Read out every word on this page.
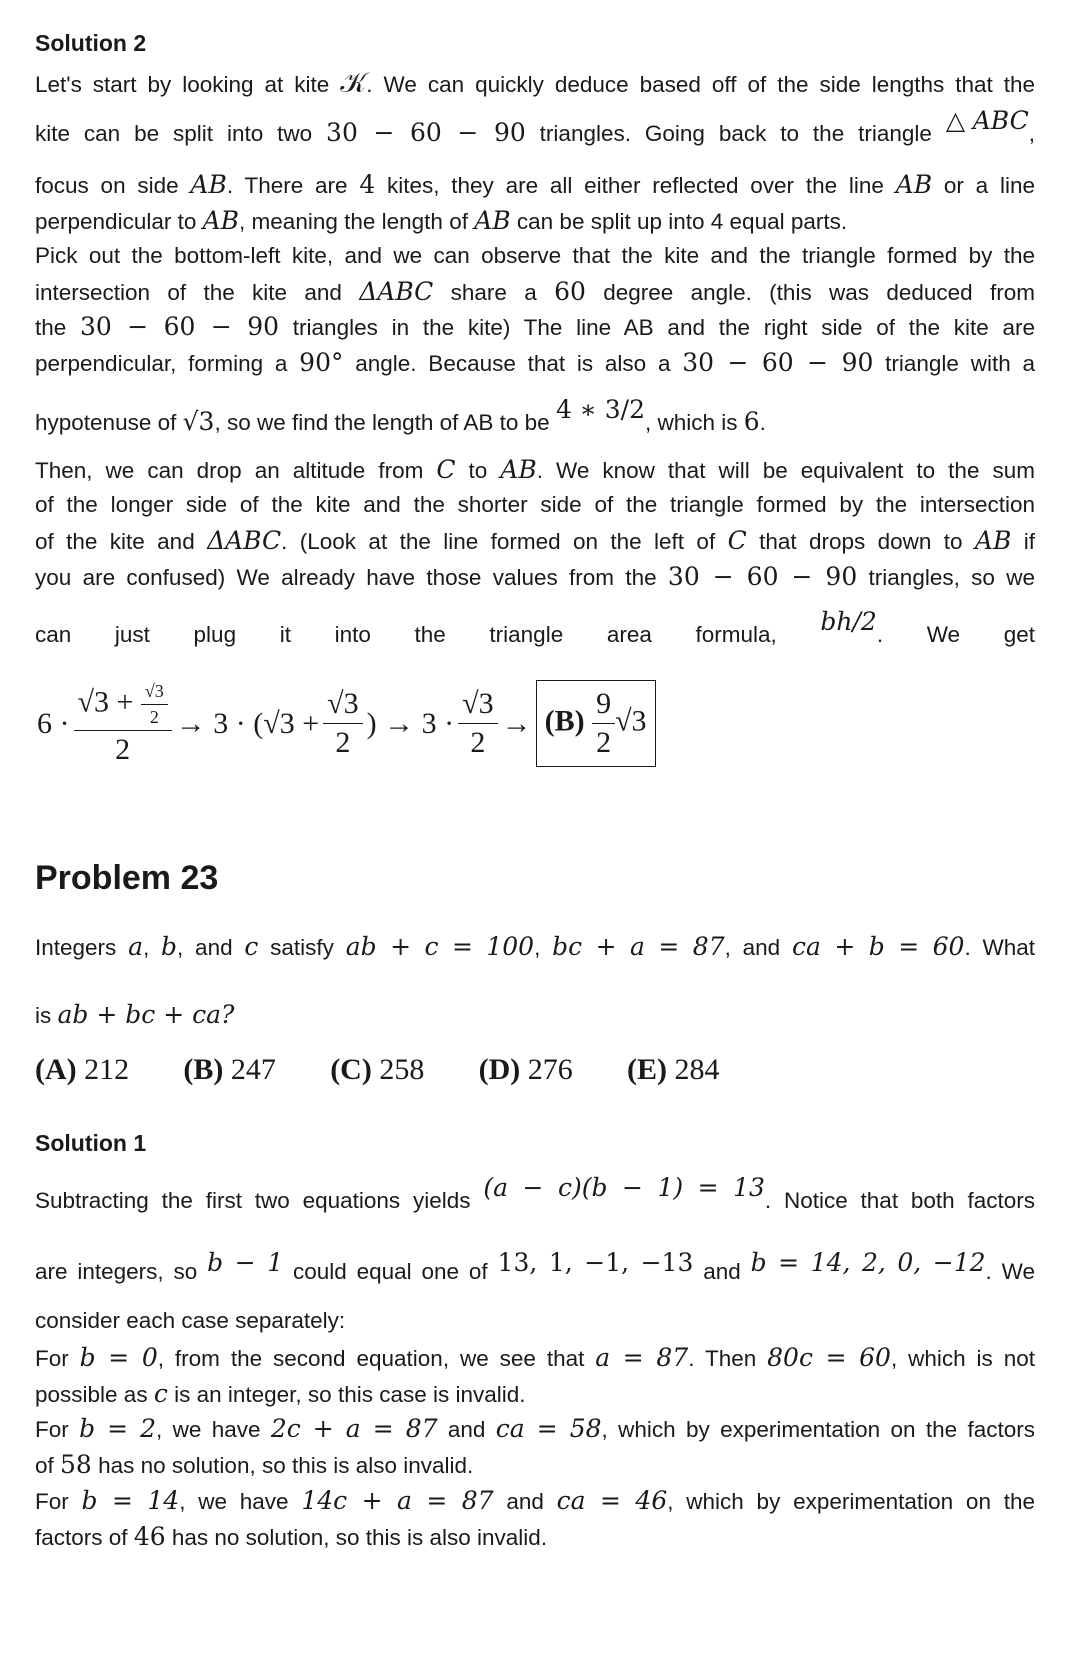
Solution 2
Let's start by looking at kite 𝒦. We can quickly deduce based off of the side lengths that the
kite can be split into two 30 − 60 − 90 triangles. Going back to the triangle △ABC,
focus on side AB. There are 4 kites, they are all either reflected over the line AB or a line
perpendicular to AB, meaning the length of AB can be split up into 4 equal parts.
Pick out the bottom-left kite, and we can observe that the kite and the triangle formed by the
intersection of the kite and ΔABC share a 60 degree angle. (this was deduced from
the 30 − 60 − 90 triangles in the kite) The line AB and the right side of the kite are
perpendicular, forming a 90° angle. Because that is also a 30 − 60 − 90 triangle with a
hypotenuse of √3, so we find the length of AB to be 4 ∗ 3/2, which is 6.
Then, we can drop an altitude from C to AB. We know that will be equivalent to the sum
of the longer side of the kite and the shorter side of the triangle formed by the intersection
of the kite and ΔABC. (Look at the line formed on the left of C that drops down to AB if
you are confused) We already have those values from the 30 − 60 − 90 triangles, so we
can just plug it into the triangle area formula, bh/2. We get
$6 \cdot \frac{√3 + \frac{√3}{2}}{2} \to 3 \cdot (√3 + \frac{√3}{2}$ ) → $3 \cdot \frac{√3}{2} \to (B) \frac{9}{2} √3$
Problem 23
Integers a, b, and c satisfy ab + c = 100, bc + a = 87, and ca + b = 60. What
is ab + bc + ca?
(A) 212 (B) 247 (C) 258 (D) 276 (E) 284
Solution 1
Subtracting the first two equations yields (a − c)(b − 1) = 13. Notice that both factors
are integers, so b − 1 could equal one of 13, 1, −1, −13 and b = 14, 2, 0, −12. We
consider each case separately:
For b = 0, from the second equation, we see that a = 87. Then 80c = 60, which is not
possible as c is an integer, so this case is invalid.
For b = 2, we have 2c + a = 87 and ca = 58, which by experimentation on the factors
of 58 has no solution, so this is also invalid.
For b = 14, we have 14c + a = 87 and ca = 46, which by experimentation on the
factors of 46 has no solution, so this is also invalid.
